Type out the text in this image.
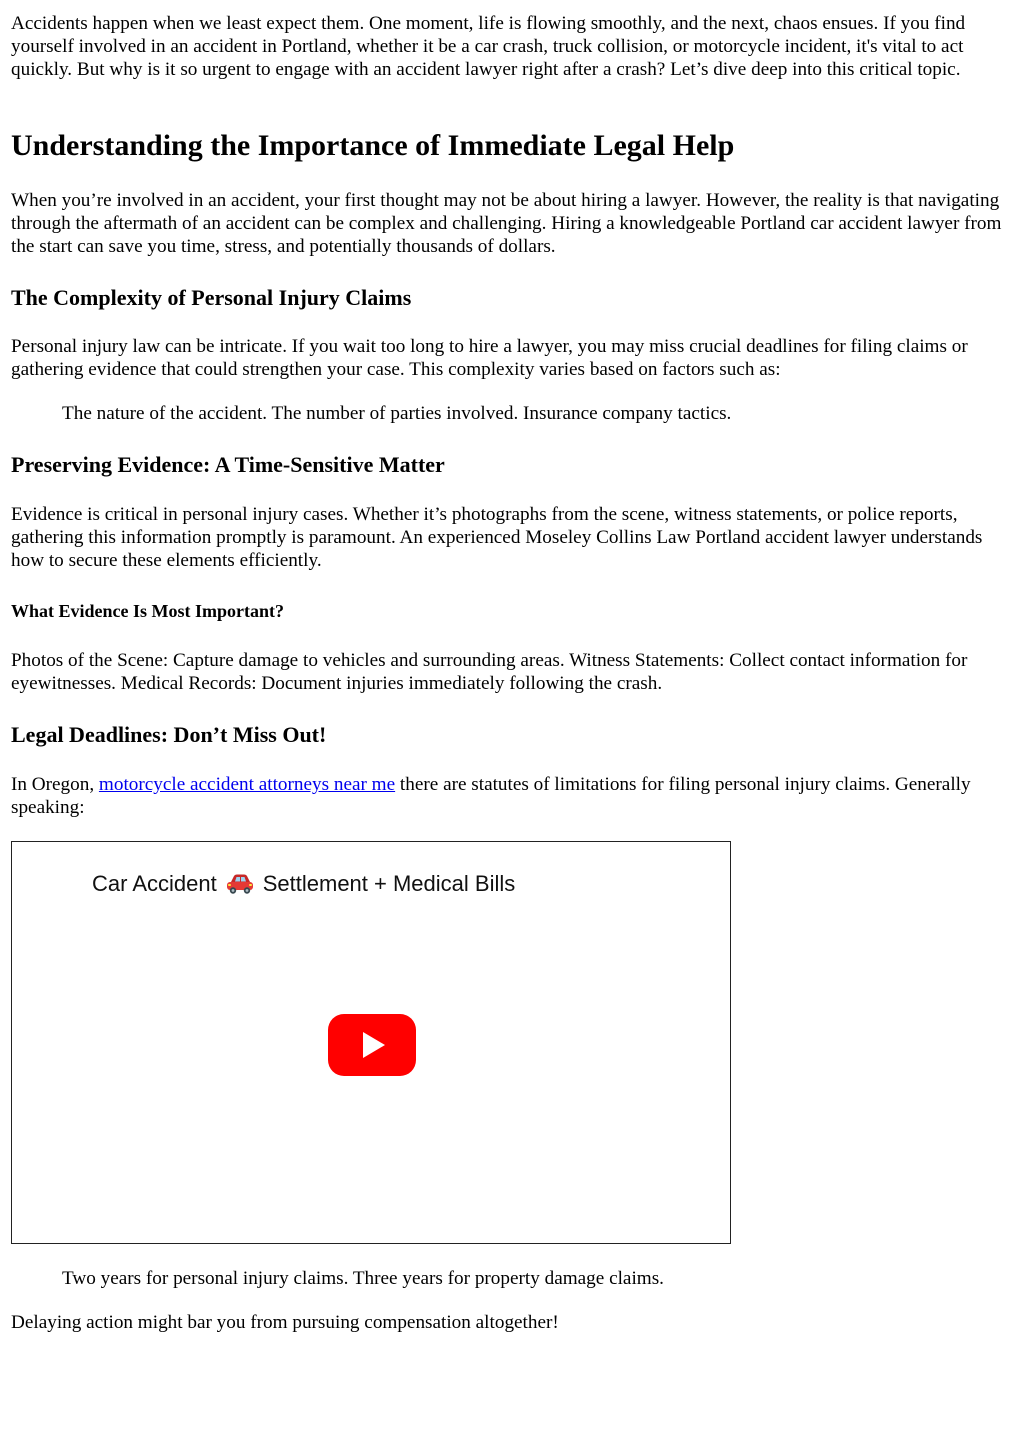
Accidents happen when we least expect them. One moment, life is flowing smoothly, and the next, chaos ensues. If you find yourself involved in an accident in Portland, whether it be a car crash, truck collision, or motorcycle incident, it's vital to act quickly. But why is it so urgent to engage with an accident lawyer right after a crash? Let’s dive deep into this critical topic.

Understanding the Importance of Immediate Legal Help

When you’re involved in an accident, your first thought may not be about hiring a lawyer. However, the reality is that navigating through the aftermath of an accident can be complex and challenging. Hiring a knowledgeable Portland car accident lawyer from the start can save you time, stress, and potentially thousands of dollars.

The Complexity of Personal Injury Claims

Personal injury law can be intricate. If you wait too long to hire a lawyer, you may miss crucial deadlines for filing claims or gathering evidence that could strengthen your case. This complexity varies based on factors such as:

The nature of the accident. The number of parties involved. Insurance company tactics.

Preserving Evidence: A Time-Sensitive Matter

Evidence is critical in personal injury cases. Whether it’s photographs from the scene, witness statements, or police reports, gathering this information promptly is paramount. An experienced Moseley Collins Law Portland accident lawyer understands how to secure these elements efficiently.

What Evidence Is Most Important?

Photos of the Scene: Capture damage to vehicles and surrounding areas. Witness Statements: Collect contact information for eyewitnesses. Medical Records: Document injuries immediately following the crash.

Legal Deadlines: Don’t Miss Out!

In Oregon, motorcycle accident attorneys near me there are statutes of limitations for filing personal injury claims. Generally speaking:

Car Accident Settlement + Medical Bills

Two years for personal injury claims. Three years for property damage claims.

Delaying action might bar you from pursuing compensation altogether!
